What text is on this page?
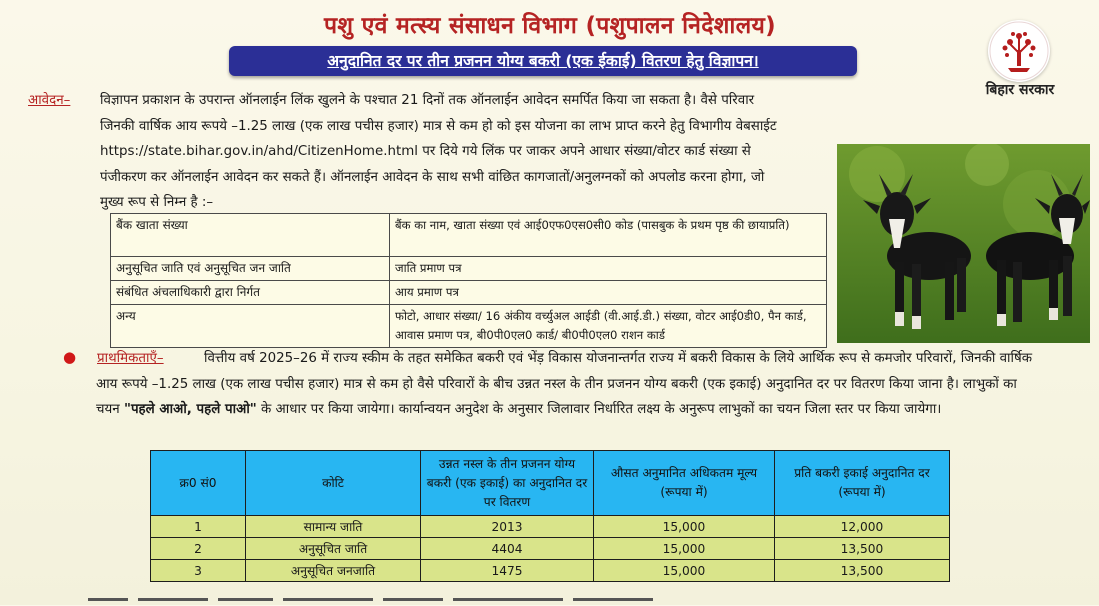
पशु एवं मत्स्य संसाधन विभाग (पशुपालन निदेशालय)
अनुदानित दर पर तीन प्रजनन योग्य बकरी (एक ईकाई) वितरण हेतु विज्ञापन।
बिहार सरकार
आवेदन– विज्ञापन प्रकाशन के उपरान्त ऑनलाईन लिंक खुलने के पश्चात 21 दिनों तक ऑनलाईन आवेदन समर्पित किया जा सकता है। वैसे परिवार जिनकी वार्षिक आय रूपये –1.25 लाख (एक लाख पचीस हजार) मात्र से कम हो को इस योजना का लाभ प्राप्त करने हेतु विभागीय वेबसाईट https://state.bihar.gov.in/ahd/CitizenHome.html पर दिये गये लिंक पर जाकर अपने आधार संख्या/वोटर कार्ड संख्या से पंजीकरण कर ऑनलाईन आवेदन कर सकते हैं। ऑनलाईन आवेदन के साथ सभी वांछित कागजातों/अनुलग्नकों को अपलोड करना होगा, जो मुख्य रूप से निम्न है :–
बैंक खाता संख्या	बैंक का नाम, खाता संख्या एवं आई0एफ0एस0सी0 कोड (पासबुक के प्रथम पृष्ठ की छायाप्रति)
अनुसूचित जाति एवं अनुसूचित जन जाति	जाति प्रमाण पत्र
संबंधित अंचलाधिकारी द्वारा निर्गत	आय प्रमाण पत्र
अन्य	फोटो, आधार संख्या/ 16 अंकीय वर्च्युअल आईडी (वी.आई.डी.) संख्या, वोटर आई0डी0, पैन कार्ड, आवास प्रमाण पत्र, बी0पी0एल0 कार्ड/ बी0पी0एल0 राशन कार्ड
● प्राथमिकताएँ–	वित्तीय वर्ष 2025–26 में राज्य स्कीम के तहत समेकित बकरी एवं भेंड़ विकास योजनान्तर्गत राज्य में बकरी विकास के लिये आर्थिक रूप से कमजोर परिवारों, जिनकी वार्षिक आय रूपये –1.25 लाख (एक लाख पचीस हजार) मात्र से कम हो वैसे परिवारों के बीच उन्नत नस्ल के तीन प्रजनन योग्य बकरी (एक इकाई) अनुदानित दर पर वितरण किया जाना है। लाभुकों का चयन "पहले आओ, पहले पाओ" के आधार पर किया जायेगा। कार्यान्वयन अनुदेश के अनुसार जिलावार निर्धारित लक्ष्य के अनुरूप लाभुकों का चयन जिला स्तर पर किया जायेगा।
क्र0 सं0	कोटि	उन्नत नस्ल के तीन प्रजनन योग्य बकरी (एक इकाई) का अनुदानित दर पर वितरण	औसत अनुमानित अधिकतम मूल्य (रूपया में)	प्रति बकरी इकाई अनुदानित दर (रूपया में)
1	सामान्य जाति	2013	15,000	12,000
2	अनुसूचित जाति	4404	15,000	13,500
3	अनुसूचित जनजाति	1475	15,000	13,500
